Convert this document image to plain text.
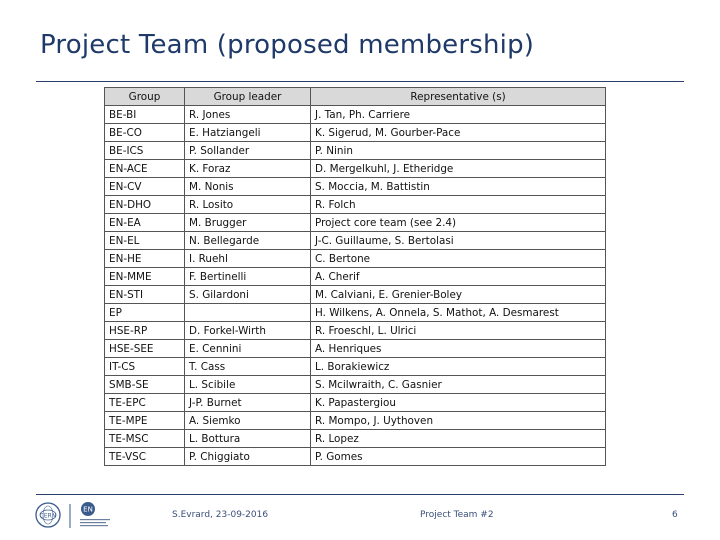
Project Team (proposed membership)
Group	Group leader	Representative (s)
BE-BI	R. Jones	J. Tan, Ph. Carriere
BE-CO	E. Hatziangeli	K. Sigerud, M. Gourber-Pace
BE-ICS	P. Sollander	P. Ninin
EN-ACE	K. Foraz	D. Mergelkuhl, J. Etheridge
EN-CV	M. Nonis	S. Moccia, M. Battistin
EN-DHO	R. Losito	R. Folch
EN-EA	M. Brugger	Project core team (see 2.4)
EN-EL	N. Bellegarde	J-C. Guillaume, S. Bertolasi
EN-HE	I. Ruehl	C. Bertone
EN-MME	F. Bertinelli	A. Cherif
EN-STI	S. Gilardoni	M. Calviani, E. Grenier-Boley
EP		H. Wilkens, A. Onnela, S. Mathot, A. Desmarest
HSE-RP	D. Forkel-Wirth	R. Froeschl, L. Ulrici
HSE-SEE	E. Cennini	A. Henriques
IT-CS	T. Cass	L. Borakiewicz
SMB-SE	L. Scibile	S. Mcilwraith, C. Gasnier
TE-EPC	J-P. Burnet	K. Papastergiou
TE-MPE	A. Siemko	R. Mompo, J. Uythoven
TE-MSC	L. Bottura	R. Lopez
TE-VSC	P. Chiggiato	P. Gomes
CERN
EN
S.Evrard, 23-09-2016	Project Team #2	6
